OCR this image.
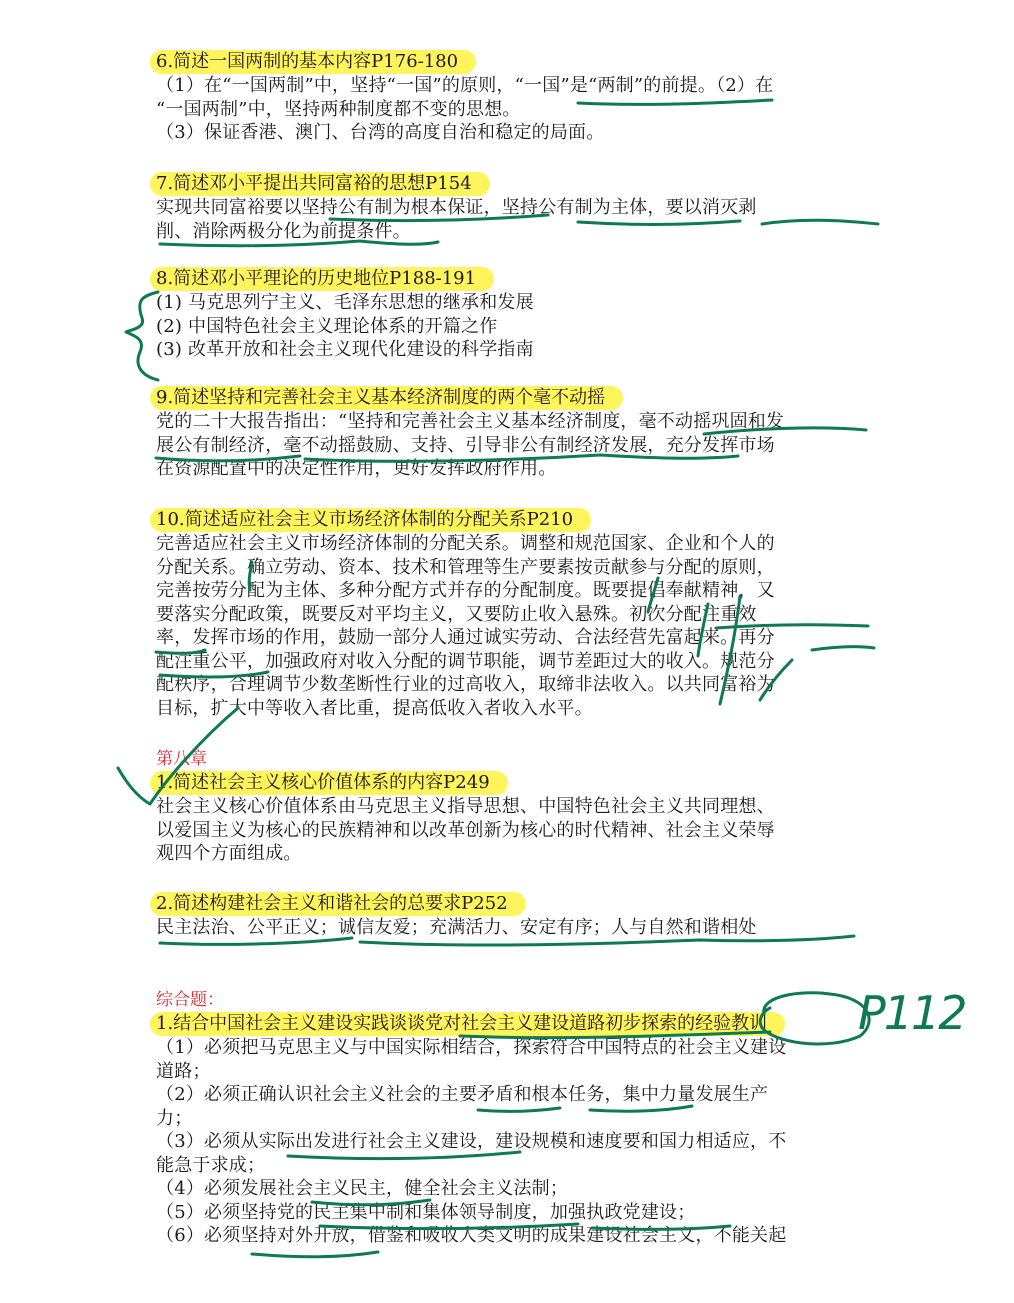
6.简述一国两制的基本内容P176-180
（1）在“一国两制”中，坚持“一国”的原则，“一国”是“两制”的前提。（2）在
“一国两制”中，坚持两种制度都不变的思想。
（3）保证香港、澳门、台湾的高度自治和稳定的局面。
7.简述邓小平提出共同富裕的思想P154
实现共同富裕要以坚持公有制为根本保证，坚持公有制为主体，要以消灭剥
削、消除两极分化为前提条件。
8.简述邓小平理论的历史地位P188-191
(1) 马克思列宁主义、毛泽东思想的继承和发展
(2) 中国特色社会主义理论体系的开篇之作
(3) 改革开放和社会主义现代化建设的科学指南
9.简述坚持和完善社会主义基本经济制度的两个毫不动摇
党的二十大报告指出：“坚持和完善社会主义基本经济制度，毫不动摇巩固和发
展公有制经济，毫不动摇鼓励、支持、引导非公有制经济发展，充分发挥市场
在资源配置中的决定性作用，更好发挥政府作用。
10.简述适应社会主义市场经济体制的分配关系P210
完善适应社会主义市场经济体制的分配关系。调整和规范国家、企业和个人的
分配关系。确立劳动、资本、技术和管理等生产要素按贡献参与分配的原则，
完善按劳分配为主体、多种分配方式并存的分配制度。既要提倡奉献精神，又
要落实分配政策，既要反对平均主义，又要防止收入悬殊。初次分配注重效
率，发挥市场的作用，鼓励一部分人通过诚实劳动、合法经营先富起来。再分
配注重公平，加强政府对收入分配的调节职能，调节差距过大的收入。规范分
配秩序，合理调节少数垄断性行业的过高收入，取缔非法收入。以共同富裕为
目标，扩大中等收入者比重，提高低收入者收入水平。
第八章
1.简述社会主义核心价值体系的内容P249
社会主义核心价值体系由马克思主义指导思想、中国特色社会主义共同理想、
以爱国主义为核心的民族精神和以改革创新为核心的时代精神、社会主义荣辱
观四个方面组成。
2.简述构建社会主义和谐社会的总要求P252
民主法治、公平正义；诚信友爱；充满活力、安定有序；人与自然和谐相处
综合题：
1.结合中国社会主义建设实践谈谈党对社会主义建设道路初步探索的经验教训
（1）必须把马克思主义与中国实际相结合，探索符合中国特点的社会主义建设
道路；
（2）必须正确认识社会主义社会的主要矛盾和根本任务，集中力量发展生产
力；
（3）必须从实际出发进行社会主义建设，建设规模和速度要和国力相适应，不
能急于求成；
（4）必须发展社会主义民主，健全社会主义法制；
（5）必须坚持党的民主集中制和集体领导制度，加强执政党建设；
（6）必须坚持对外开放，借鉴和吸收人类文明的成果建设社会主义，不能关起
P112
